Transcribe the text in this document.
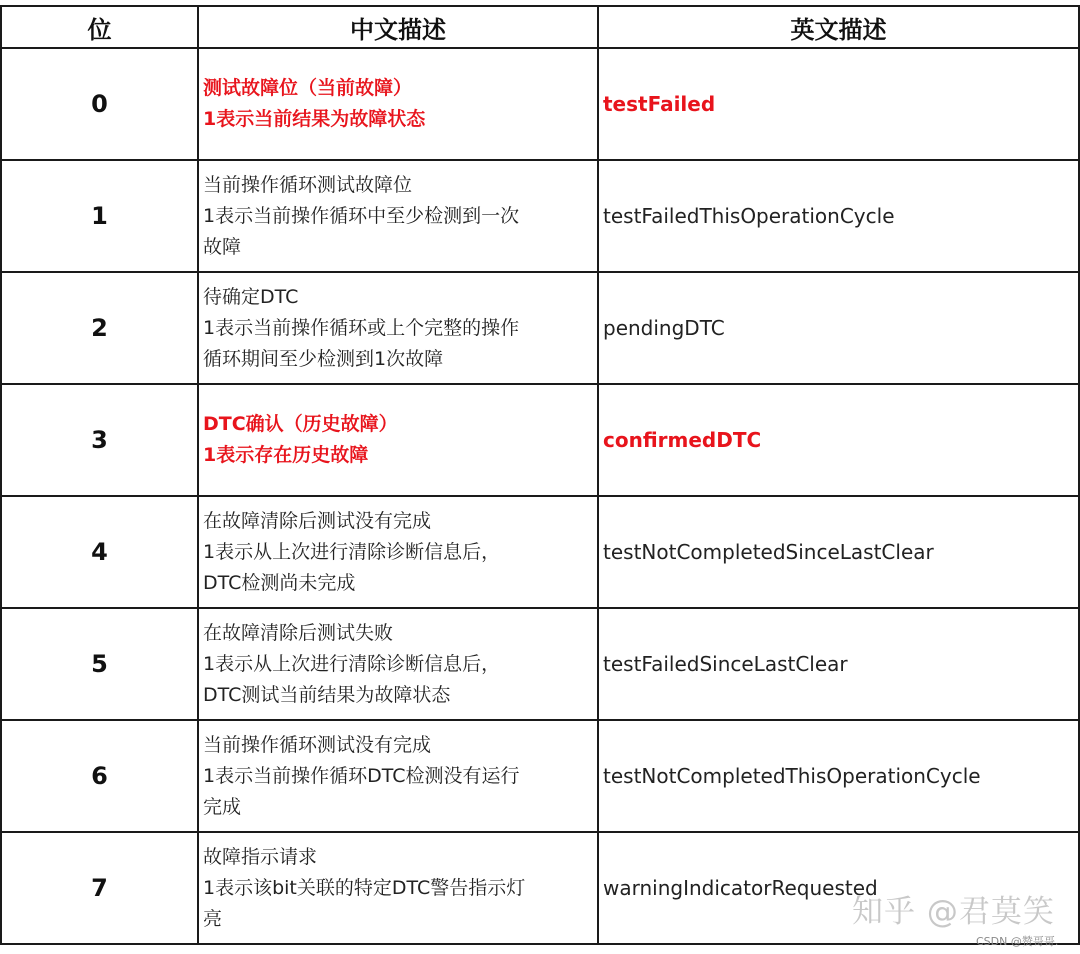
位	中文描述	英文描述
0	测试故障位（当前故障）
1表示当前结果为故障状态	testFailed
1	当前操作循环测试故障位
1表示当前操作循环中至少检测到一次
故障	testFailedThisOperationCycle
2	待确定DTC
1表示当前操作循环或上个完整的操作
循环期间至少检测到1次故障	pendingDTC
3	DTC确认（历史故障）
1表示存在历史故障	confirmedDTC
4	在故障清除后测试没有完成
1表示从上次进行清除诊断信息后，
DTC检测尚未完成	testNotCompletedSinceLastClear
5	在故障清除后测试失败
1表示从上次进行清除诊断信息后，
DTC测试当前结果为故障状态	testFailedSinceLastClear
6	当前操作循环测试没有完成
1表示当前操作循环DTC检测没有运行
完成	testNotCompletedThisOperationCycle
7	故障指示请求
1表示该bit关联的特定DTC警告指示灯
亮	warningIndicatorRequested
知乎 @君莫笑
CSDN @赞哥哥.
